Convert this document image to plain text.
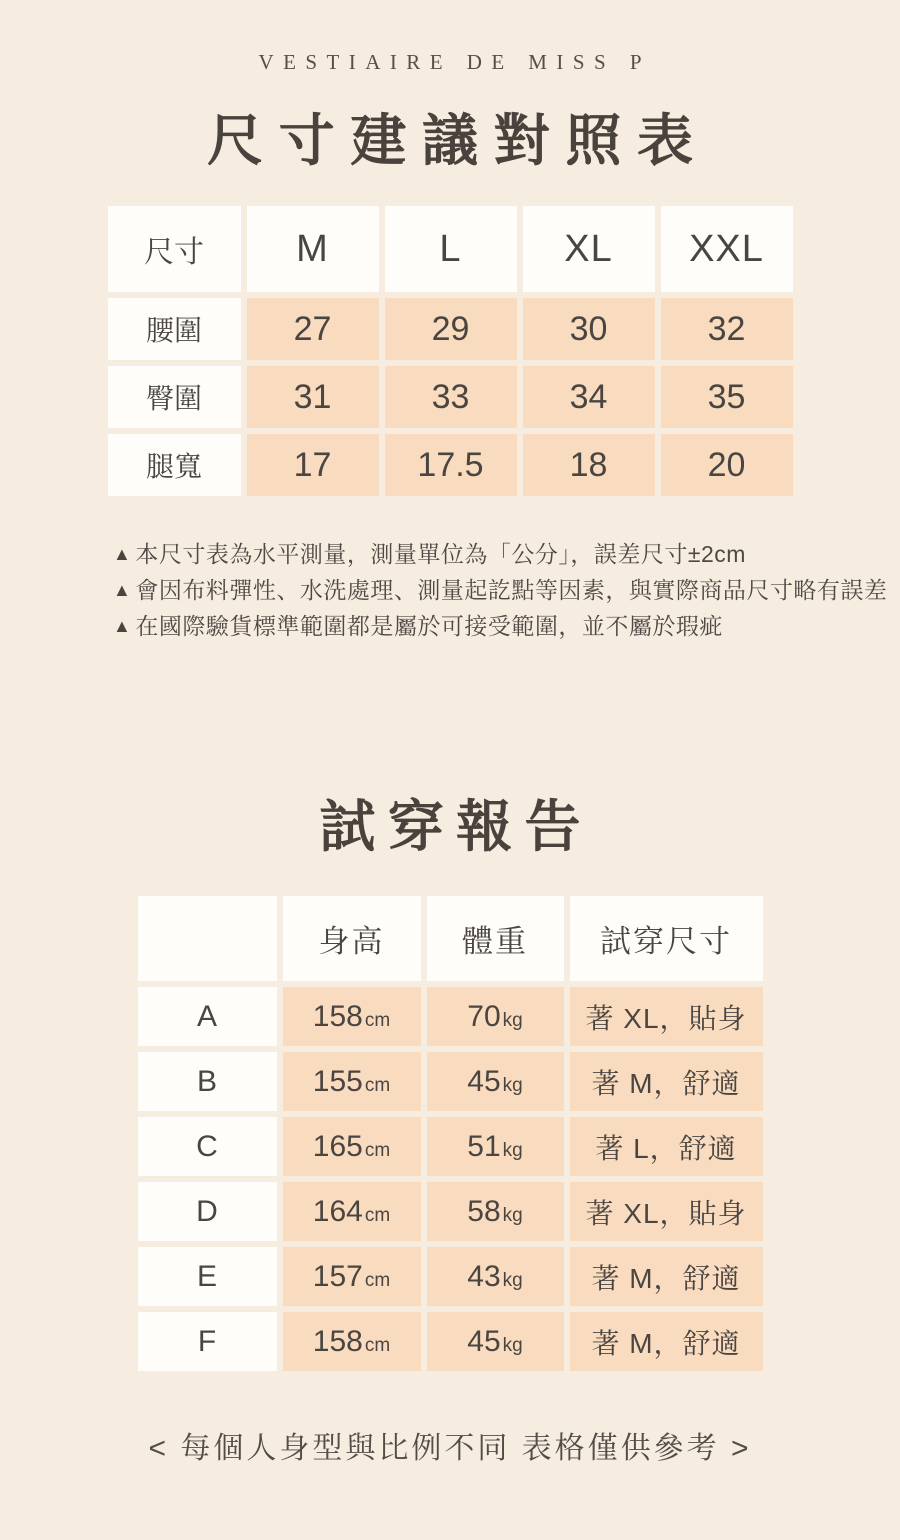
VESTIAIRE DE MISS P
尺寸建議對照表
尺寸	M	L	XL	XXL
腰圍	27	29	30	32
臀圍	31	33	34	35
腿寬	17	17.5	18	20
▲ 本尺寸表為水平測量，測量單位為「公分」，誤差尺寸±2cm
▲ 會因布料彈性、水洗處理、測量起訖點等因素，與實際商品尺寸略有誤差
▲ 在國際驗貨標準範圍都是屬於可接受範圍，並不屬於瑕疵
試穿報告
	身高	體重	試穿尺寸
A	158 cm	70 kg	著 XL，貼身
B	155 cm	45 kg	著 M，舒適
C	165 cm	51 kg	著 L，舒適
D	164 cm	58 kg	著 XL，貼身
E	157 cm	43 kg	著 M，舒適
F	158 cm	45 kg	著 M，舒適
< 每個人身型與比例不同 表格僅供參考 >
